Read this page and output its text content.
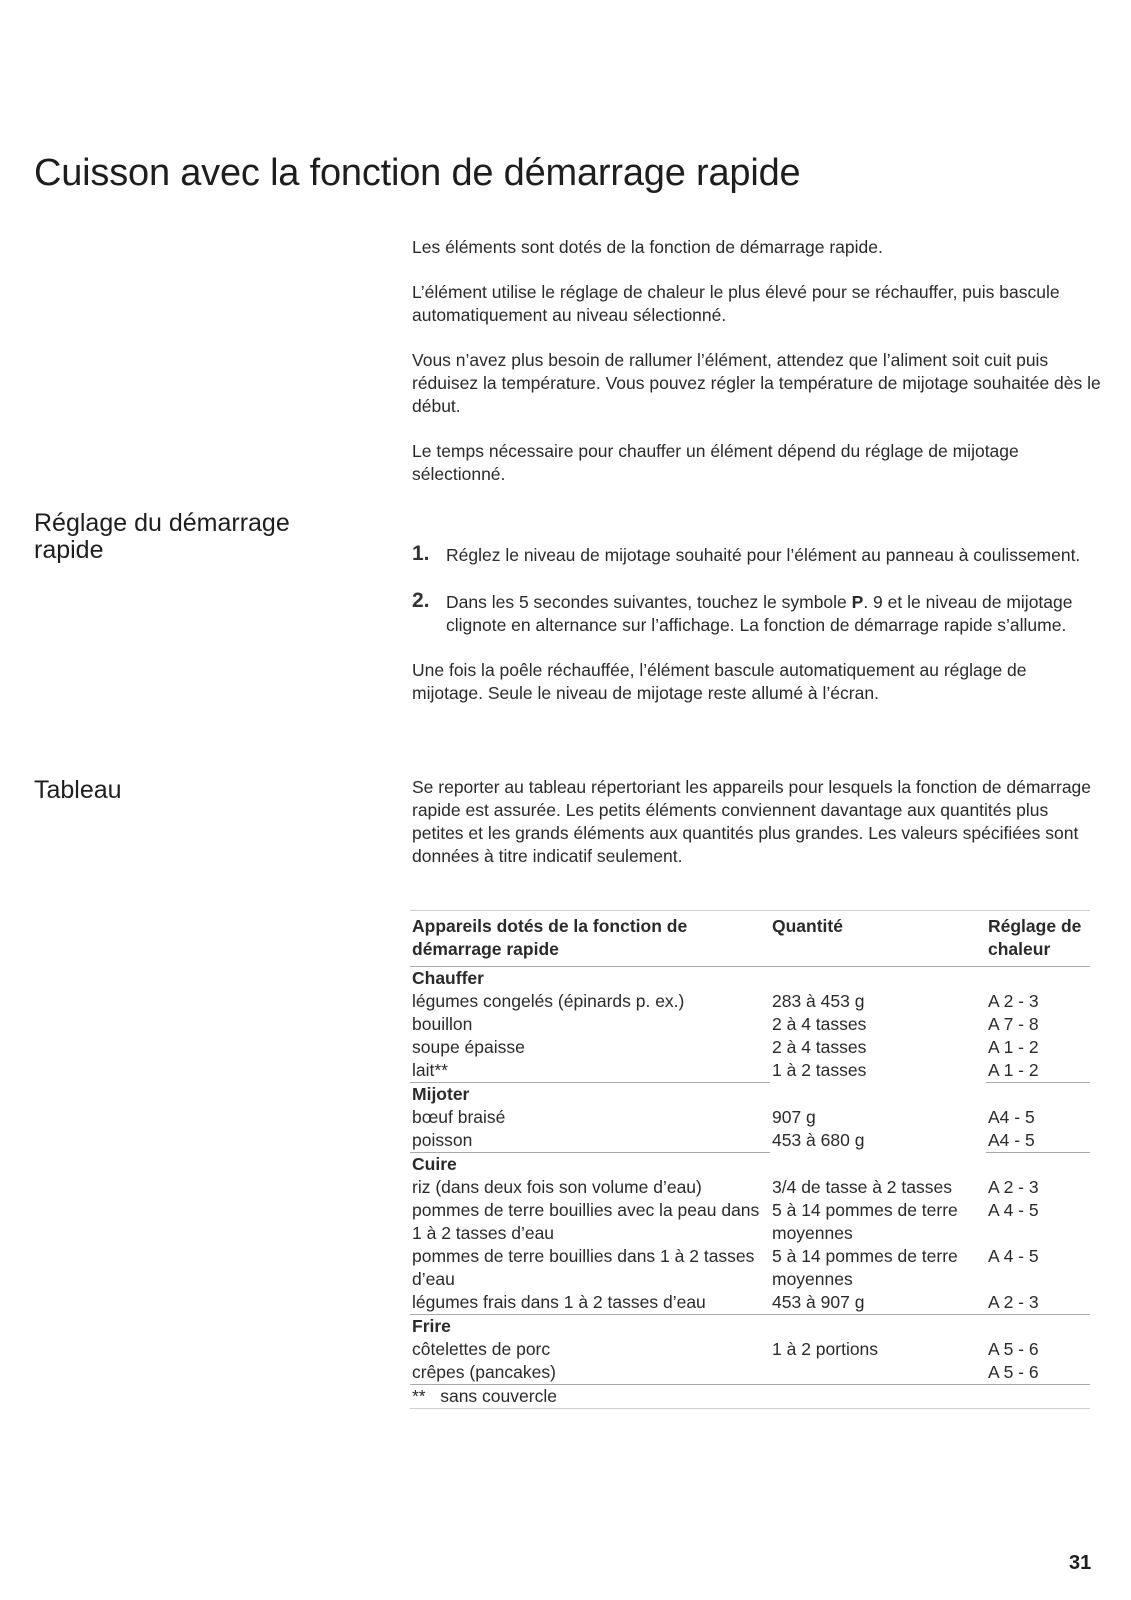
Cuisson avec la fonction de démarrage rapide

Les éléments sont dotés de la fonction de démarrage rapide.

L’élément utilise le réglage de chaleur le plus élevé pour se réchauffer, puis bascule automatiquement au niveau sélectionné.

Vous n’avez plus besoin de rallumer l’élément, attendez que l’aliment soit cuit puis réduisez la température. Vous pouvez régler la température de mijotage souhaitée dès le début.

Le temps nécessaire pour chauffer un élément dépend du réglage de mijotage sélectionné.

Réglage du démarrage rapide	1. Réglez le niveau de mijotage souhaité pour l’élément au panneau à coulissement.

2. Dans les 5 secondes suivantes, touchez le symbole P. 9 et le niveau de mijotage clignote en alternance sur l’affichage. La fonction de démarrage rapide s’allume.

Une fois la poêle réchauffée, l’élément bascule automatiquement au réglage de mijotage. Seule le niveau de mijotage reste allumé à l’écran.

Tableau	Se reporter au tableau répertoriant les appareils pour lesquels la fonction de démarrage rapide est assurée. Les petits éléments conviennent davantage aux quantités plus petites et les grands éléments aux quantités plus grandes. Les valeurs spécifiées sont données à titre indicatif seulement.

Appareils dotés de la fonction de démarrage rapide	Quantité	Réglage de chaleur
Chauffer		
légumes congelés (épinards p. ex.)	283 à 453 g	A 2 - 3
bouillon	2 à 4 tasses	A 7 - 8
soupe épaisse	2 à 4 tasses	A 1 - 2
lait**	1 à 2 tasses	A 1 - 2
Mijoter		
bœuf braisé	907 g	A4 - 5
poisson	453 à 680 g	A4 - 5
Cuire		
riz (dans deux fois son volume d’eau)	3/4 de tasse à 2 tasses	A 2 - 3
pommes de terre bouillies avec la peau dans 1 à 2 tasses d’eau	5 à 14 pommes de terre moyennes	A 4 - 5
pommes de terre bouillies dans 1 à 2 tasses d’eau	5 à 14 pommes de terre moyennes	A 4 - 5
légumes frais dans 1 à 2 tasses d’eau	453 à 907 g	A 2 - 3
Frire		
côtelettes de porc	1 à 2 portions	A 5 - 6
crêpes (pancakes)		A 5 - 6
** sans couvercle		
31
